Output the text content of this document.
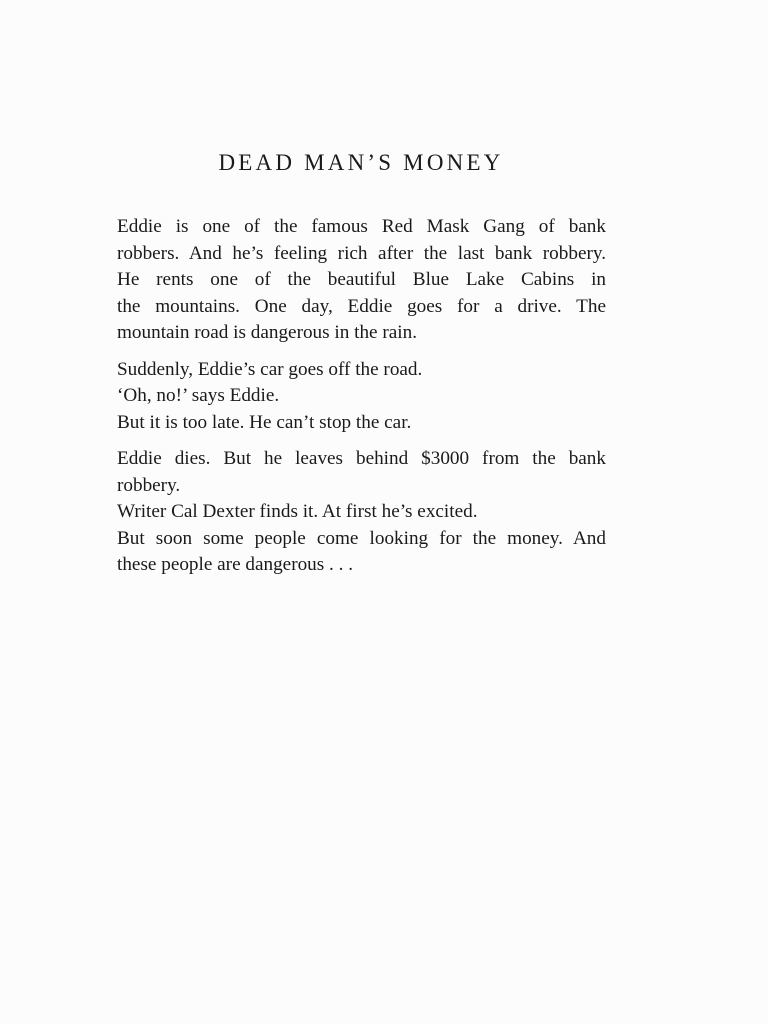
DEAD MAN’S MONEY
Eddie is one of the famous Red Mask Gang of bank
robbers. And he’s feeling rich after the last bank robbery.
He rents one of the beautiful Blue Lake Cabins in
the mountains. One day, Eddie goes for a drive. The
mountain road is dangerous in the rain.
Suddenly, Eddie’s car goes off the road.
‘Oh, no!’ says Eddie.
But it is too late. He can’t stop the car.
Eddie dies. But he leaves behind $3000 from the bank
robbery.
Writer Cal Dexter finds it. At first he’s excited.
But soon some people come looking for the money. And
these people are dangerous . . .
